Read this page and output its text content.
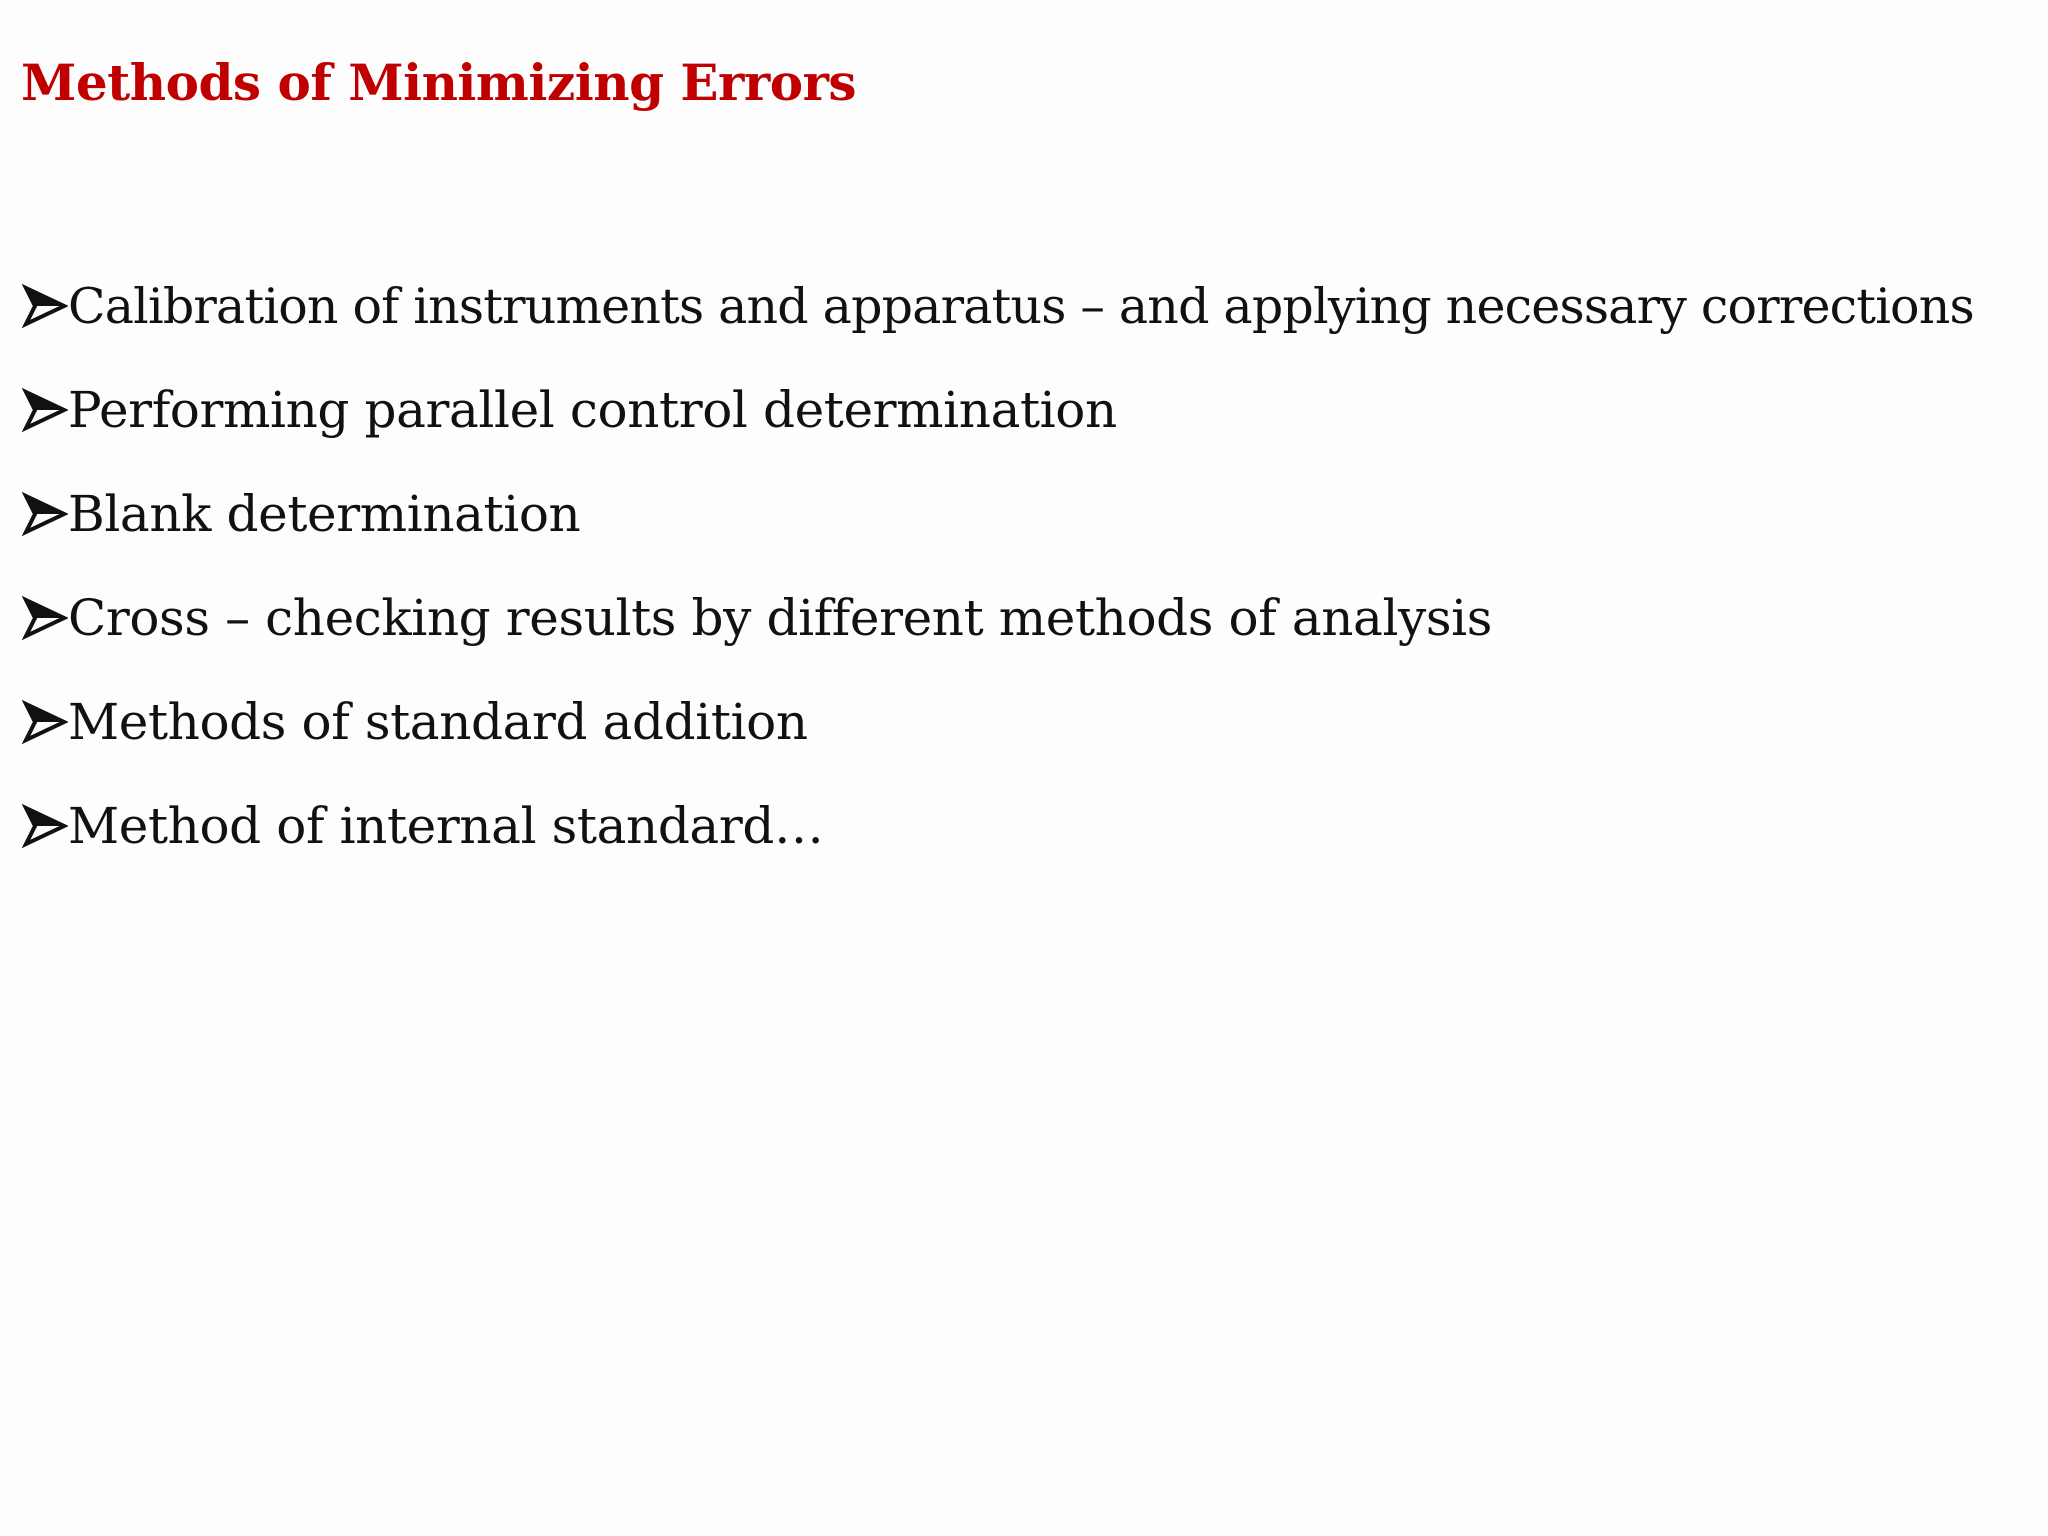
Methods of Minimizing Errors
Calibration of instruments and apparatus – and applying necessary corrections
Performing parallel control determination
Blank determination
Cross – checking results by different methods of analysis
Methods of standard addition
Method of internal standard…
